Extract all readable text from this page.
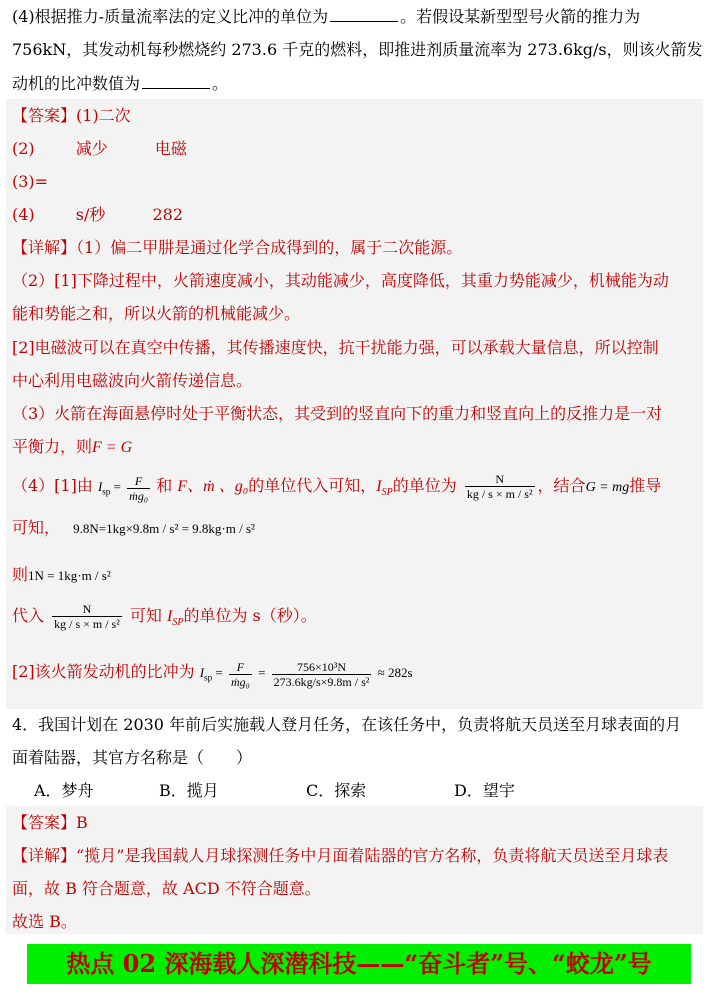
(4)根据推力-质量流率法的定义比冲的单位为	。若假设某新型型号火箭的推力为
756kN，其发动机每秒燃烧约 273.6 千克的燃料，即推进剂质量流率为 273.6kg/s，则该火箭发
动机的比冲数值为	。
【答案】(1)二次
(2)	减少	电磁
(3)=
(4)	s/秒	282
【详解】（1）偏二甲肼是通过化学合成得到的，属于二次能源。
（2）[1]下降过程中，火箭速度减小，其动能减少，高度降低，其重力势能减少，机械能为动
能和势能之和，所以火箭的机械能减少。
[2]电磁波可以在真空中传播，其传播速度快，抗干扰能力强，可以承载大量信息，所以控制
中心利用电磁波向火箭传递信息。
（3）火箭在海面悬停时处于平衡状态，其受到的竖直向下的重力和竖直向上的反推力是一对
平衡力，则F = G
（4）[1]由 $I_{sp} = \frac{F}{\text{ṁg₀}}$ 和 F、ṁ 、g₀的单位代入可知，$I_{SP}$的单位为 $\frac{N}{\text{kg / s × m / s²}}$ ，结合G = mg推导
可知， 9.8N=1kg×9.8m / s² = 9.8kg·m / s²
则1N = 1kg·m / s²
代入 $\frac{N}{\text{kg / s × m / s²}}$ 可知 $I_{SP}$的单位为 s（秒）。
[2]该火箭发动机的比冲为 $I_{sp} = \frac{F}{\text{ṁg₀}} = \frac{\text{756×10³N}}{\text{273.6kg/s×9.8m / s²}} \approx 282s$
4．我国计划在 2030 年前后实施载人登月任务，在该任务中，负责将航天员送至月球表面的月
面着陆器，其官方名称是（　　）
A．梦舟	B．揽月	C．探索	D．望宇
【答案】B
【详解】“揽月”是我国载人月球探测任务中月面着陆器的官方名称，负责将航天员送至月球表
面，故 B 符合题意，故 ACD 不符合题意。
故选 B。
热点 02 深海载人深潜科技——“奋斗者”号、“蛟龙”号
